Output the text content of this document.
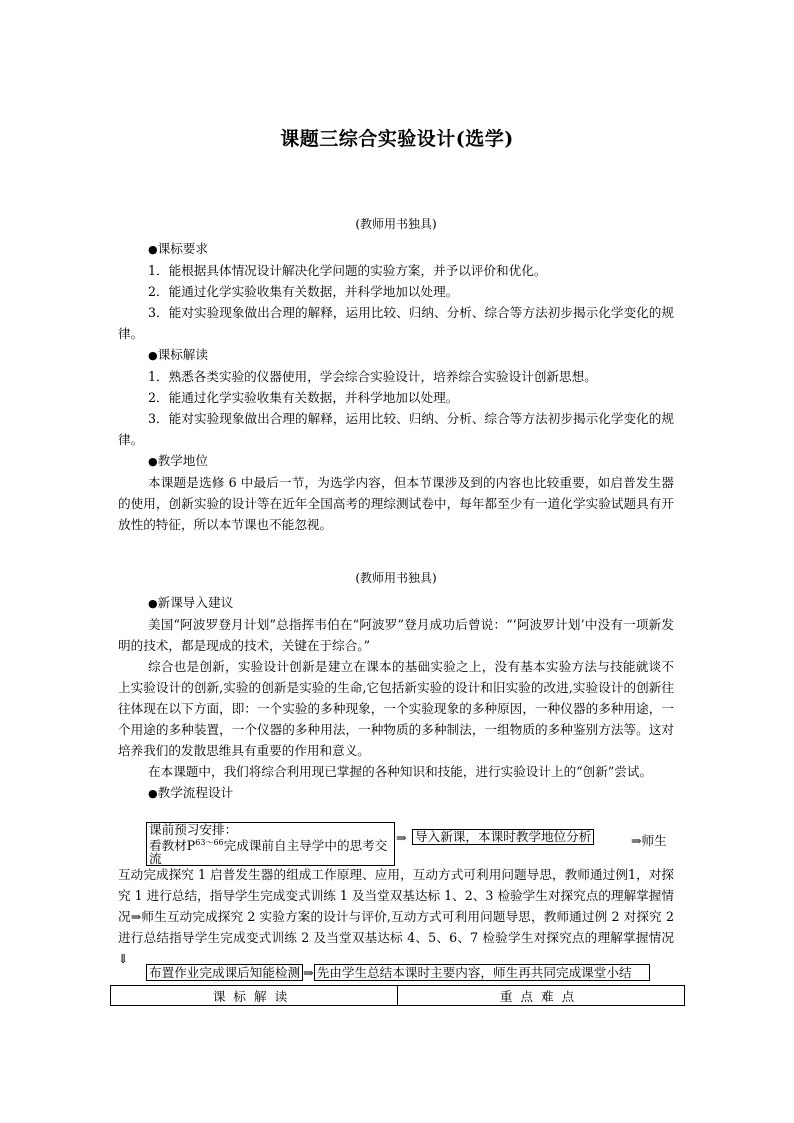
课题三综合实验设计(选学)

(教师用书独具)

●课标要求

1．能根据具体情况设计解决化学问题的实验方案，并予以评价和优化。

2．能通过化学实验收集有关数据，并科学地加以处理。

3．能对实验现象做出合理的解释，运用比较、归纳、分析、综合等方法初步揭示化学变化的规律。

●课标解读

1．熟悉各类实验的仪器使用，学会综合实验设计，培养综合实验设计创新思想。

2．能通过化学实验收集有关数据，并科学地加以处理。

3．能对实验现象做出合理的解释，运用比较、归纳、分析、综合等方法初步揭示化学变化的规律。

●教学地位

本课题是选修 6 中最后一节，为选学内容，但本节课涉及到的内容也比较重要，如启普发生器的使用，创新实验的设计等在近年全国高考的理综测试卷中，每年都至少有一道化学实验试题具有开放性的特征，所以本节课也不能忽视。

(教师用书独具)

●新课导入建议

美国“阿波罗登月计划”总指挥韦伯在“阿波罗”登月成功后曾说：“‘阿波罗计划’中没有一项新发明的技术，都是现成的技术，关键在于综合。”

综合也是创新，实验设计创新是建立在课本的基础实验之上，没有基本实验方法与技能就谈不上实验设计的创新,实验的创新是实验的生命,它包括新实验的设计和旧实验的改进,实验设计的创新往往体现在以下方面，即：一个实验的多种现象，一个实验现象的多种原因，一种仪器的多种用途，一个用途的多种装置，一个仪器的多种用法，一种物质的多种制法，一组物质的多种鉴别方法等。这对培养我们的发散思维具有重要的作用和意义。

在本课题中，我们将综合利用现已掌握的各种知识和技能，进行实验设计上的“创新”尝试。

●教学流程设计

课前预习安排：
看教材$P^{63\sim 66}$完成课前自主导学中的思考交流
⇒ 导入新课，本课时教学地位分析	⇒师生
互动完成探究 1 启普发生器的组成工作原理、应用，互动方式可利用问题导思，教师通过例1，对探究 1 进行总结，指导学生完成变式训练 1 及当堂双基达标 1、2、3 检验学生对探究点的理解掌握情况⇒师生互动完成探究 2 实验方案的设计与评价,互动方式可利用问题导思，教师通过例 2 对探究 2 进行总结指导学生完成变式训练 2 及当堂双基达标 4、5、6、7 检验学生对探究点的理解掌握情况⇓
布置作业完成课后知能检测 ⇒ 先由学生总结本课时主要内容，师生再共同完成课堂小结
课标解读	重点难点
